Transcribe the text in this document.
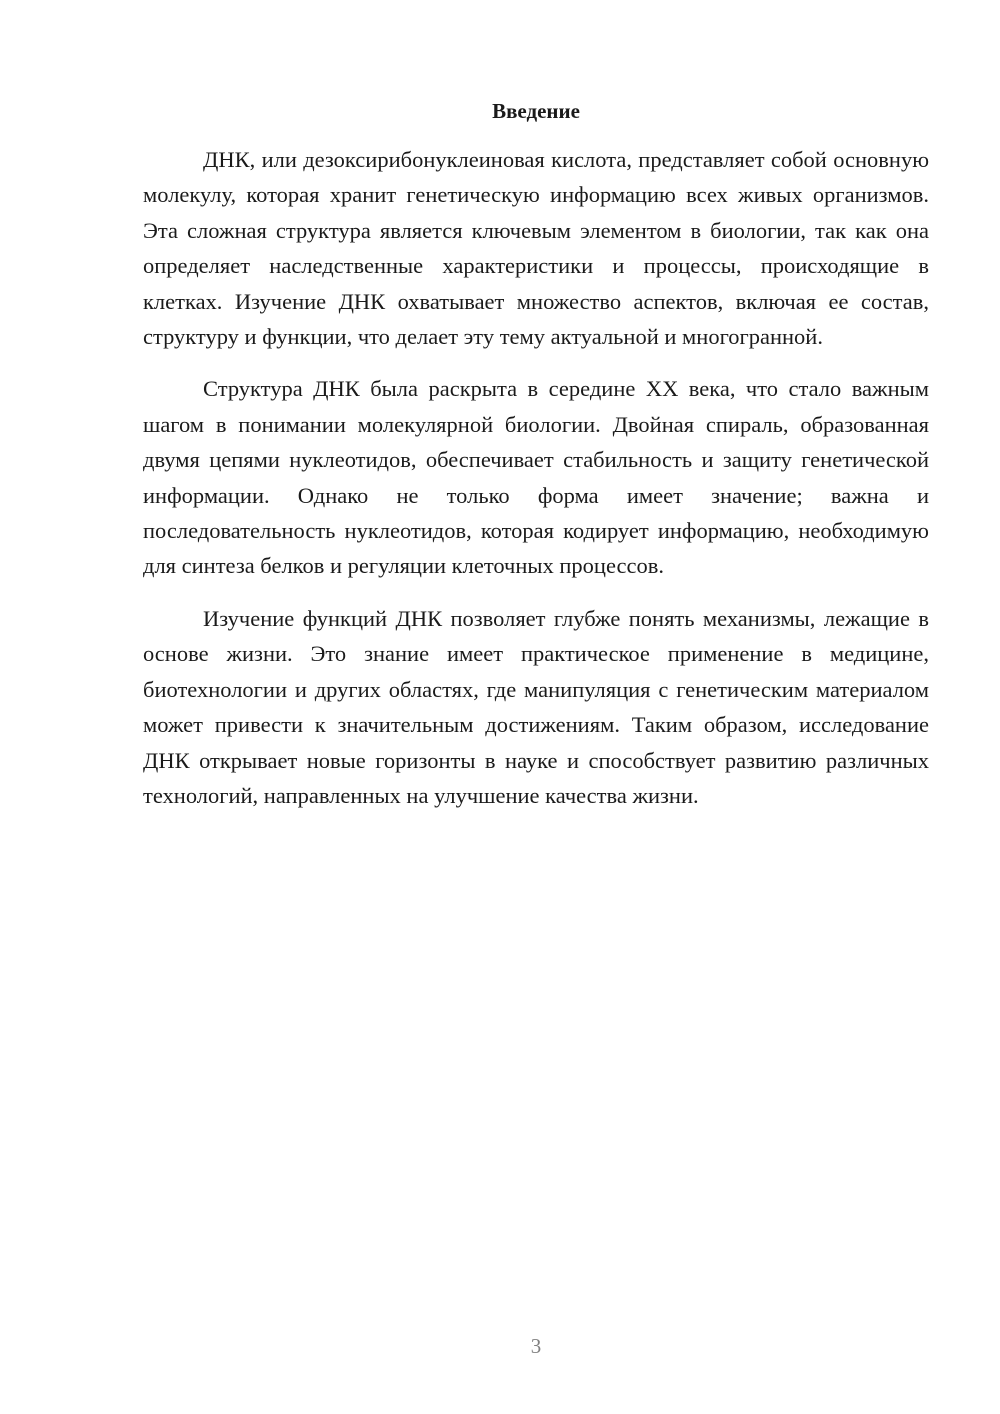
Введение

ДНК, или дезоксирибонуклеиновая кислота, представляет собой основную молекулу, которая хранит генетическую информацию всех живых организмов. Эта сложная структура является ключевым элементом в биологии, так как она определяет наследственные характеристики и процессы, происходящие в клетках. Изучение ДНК охватывает множество аспектов, включая ее состав, структуру и функции, что делает эту тему актуальной и многогранной.

Структура ДНК была раскрыта в середине XX века, что стало важным шагом в понимании молекулярной биологии. Двойная спираль, образованная двумя цепями нуклеотидов, обеспечивает стабильность и защиту генетической информации. Однако не только форма имеет значение; важна и последовательность нуклеотидов, которая кодирует информацию, необходимую для синтеза белков и регуляции клеточных процессов.

Изучение функций ДНК позволяет глубже понять механизмы, лежащие в основе жизни. Это знание имеет практическое применение в медицине, биотехнологии и других областях, где манипуляция с генетическим материалом может привести к значительным достижениям. Таким образом, исследование ДНК открывает новые горизонты в науке и способствует развитию различных технологий, направленных на улучшение качества жизни.

3
